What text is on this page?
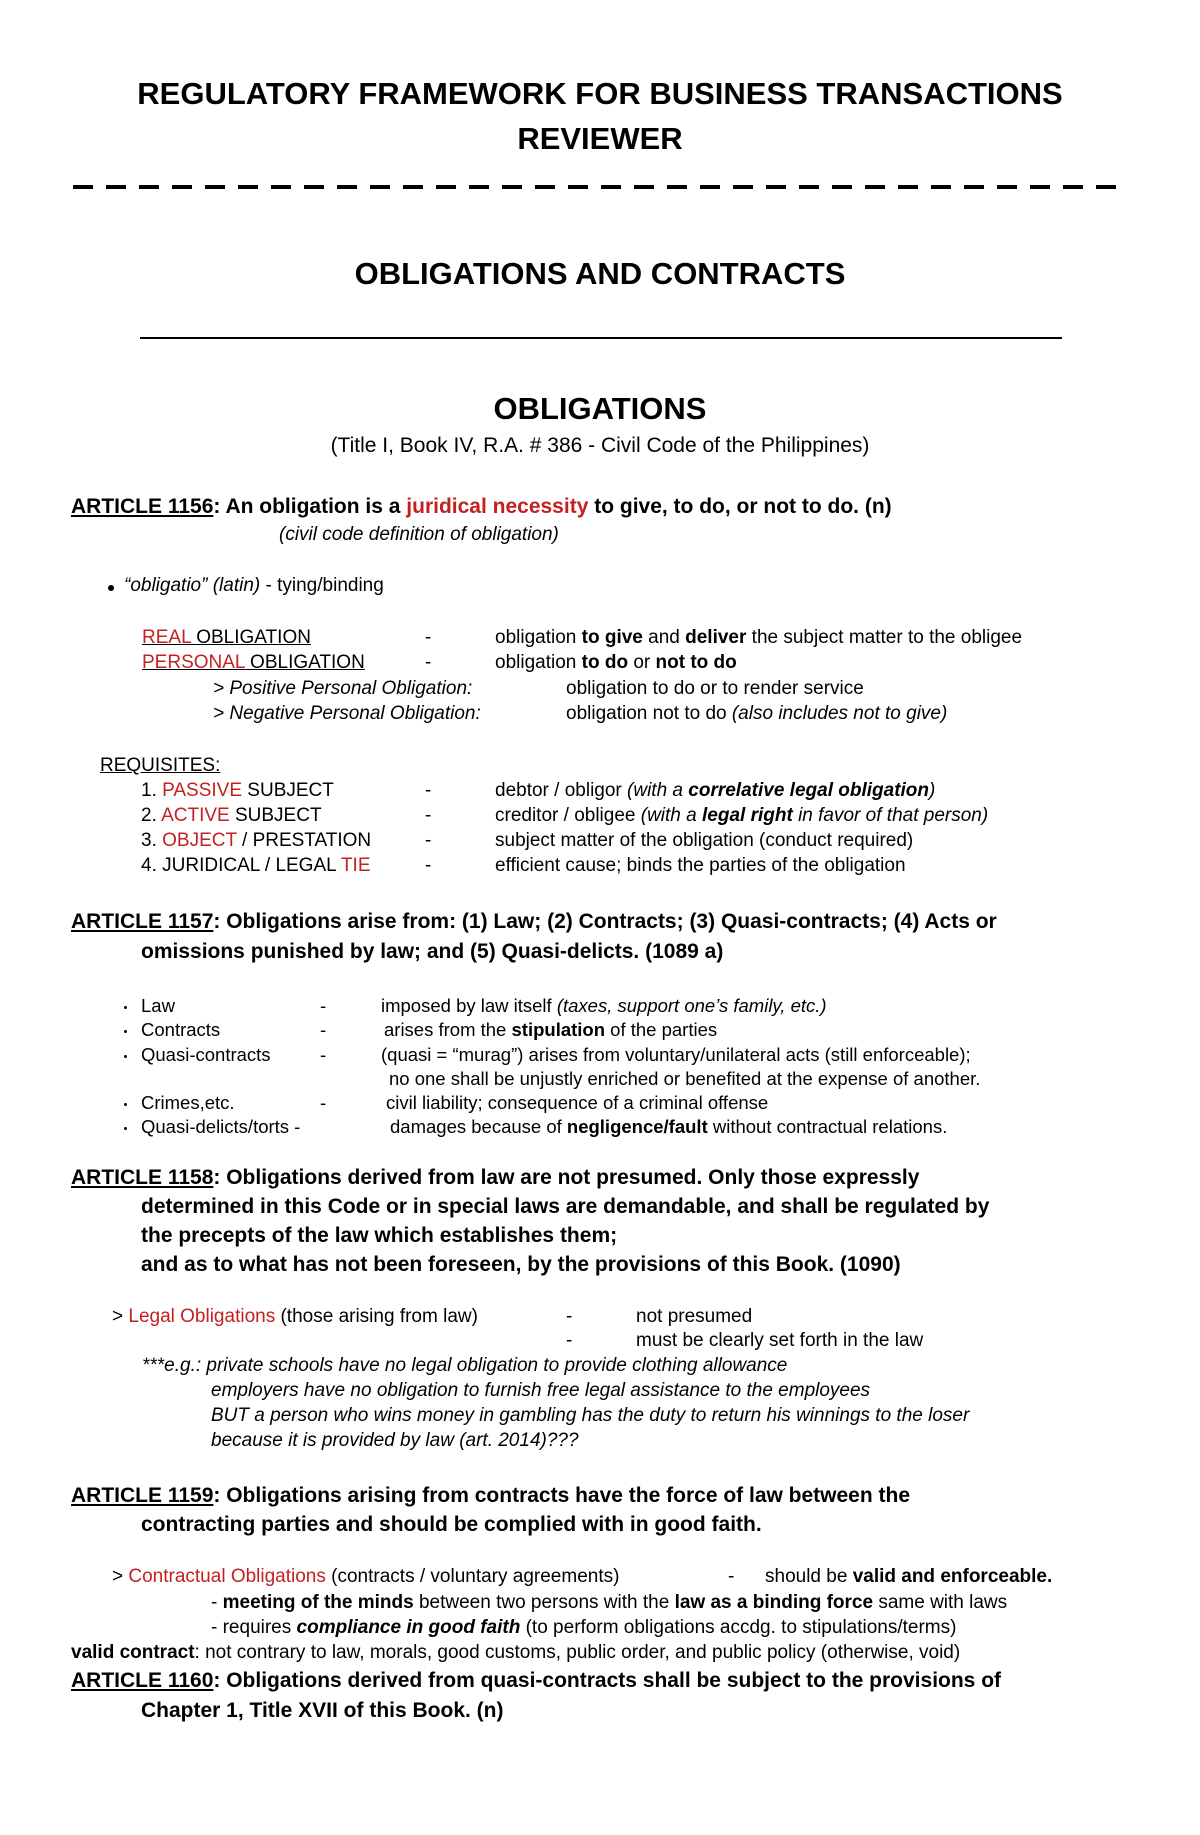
REGULATORY FRAMEWORK FOR BUSINESS TRANSACTIONS
REVIEWER
OBLIGATIONS AND CONTRACTS
OBLIGATIONS
(Title I, Book IV, R.A. # 386 - Civil Code of the Philippines)
ARTICLE 1156: An obligation is a juridical necessity to give, to do, or not to do. (n)
(civil code definition of obligation)
“obligatio” (latin) - tying/binding
REAL OBLIGATION	-	obligation to give and deliver the subject matter to the obligee
PERSONAL OBLIGATION	-	obligation to do or not to do
> Positive Personal Obligation:	obligation to do or to render service
> Negative Personal Obligation:	obligation not to do (also includes not to give)
REQUISITES:
1. PASSIVE SUBJECT	-	debtor / obligor (with a correlative legal obligation)
2. ACTIVE SUBJECT	-	creditor / obligee (with a legal right in favor of that person)
3. OBJECT / PRESTATION	-	subject matter of the obligation (conduct required)
4. JURIDICAL / LEGAL TIE	-	efficient cause; binds the parties of the obligation
ARTICLE 1157: Obligations arise from: (1) Law; (2) Contracts; (3) Quasi-contracts; (4) Acts or
omissions punished by law; and (5) Quasi-delicts. (1089 a)
Law	-	imposed by law itself (taxes, support one’s family, etc.)
Contracts	-	arises from the stipulation of the parties
Quasi-contracts	-	(quasi = “murag”) arises from voluntary/unilateral acts (still enforceable);
no one shall be unjustly enriched or benefited at the expense of another.
Crimes,etc.	-	civil liability; consequence of a criminal offense
Quasi-delicts/torts -	damages because of negligence/fault without contractual relations.
ARTICLE 1158: Obligations derived from law are not presumed. Only those expressly
determined in this Code or in special laws are demandable, and shall be regulated by
the precepts of the law which establishes them;
and as to what has not been foreseen, by the provisions of this Book. (1090)
> Legal Obligations (those arising from law)	-	not presumed
-	must be clearly set forth in the law
***e.g.: private schools have no legal obligation to provide clothing allowance
employers have no obligation to furnish free legal assistance to the employees
BUT a person who wins money in gambling has the duty to return his winnings to the loser
because it is provided by law (art. 2014)???
ARTICLE 1159: Obligations arising from contracts have the force of law between the
contracting parties and should be complied with in good faith.
> Contractual Obligations (contracts / voluntary agreements)	- should be valid and enforceable.
- meeting of the minds between two persons with the law as a binding force same with laws
- requires compliance in good faith (to perform obligations accdg. to stipulations/terms)
valid contract: not contrary to law, morals, good customs, public order, and public policy (otherwise, void)
ARTICLE 1160: Obligations derived from quasi-contracts shall be subject to the provisions of
Chapter 1, Title XVII of this Book. (n)
